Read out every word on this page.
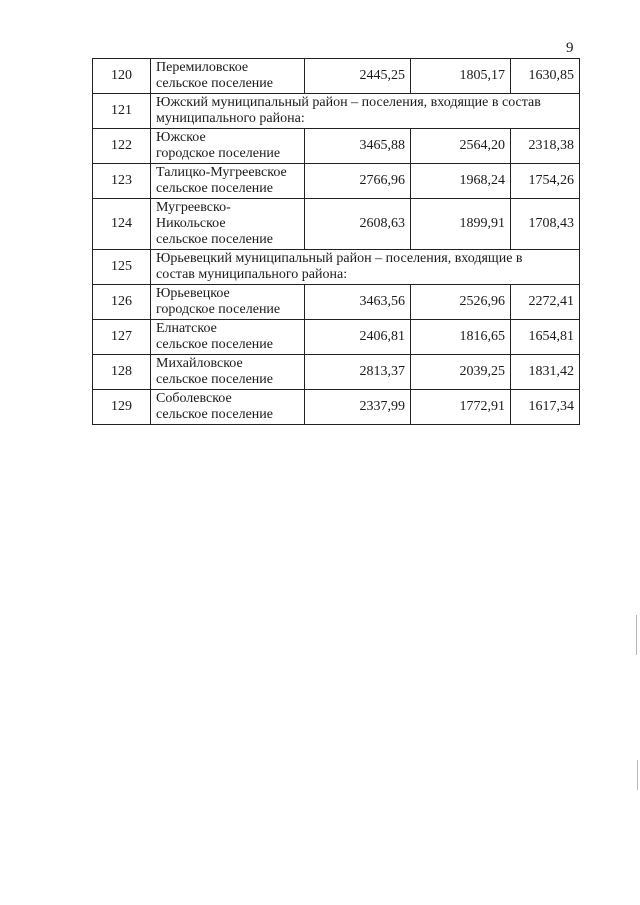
9
120	Перемиловское
сельское поселение	2445,25	1805,17	1630,85
121	Южский муниципальный район – поселения, входящие в состав
муниципального района:			

122	Южское
городское поселение	3465,88	2564,20	2318,38
123	Талицко-Мугреевское
сельское поселение	2766,96	1968,24	1754,26
124	Мугреевско-
Никольское
сельское поселение	2608,63	1899,91	1708,43
125	Юрьевецкий муниципальный район – поселения, входящие в
состав муниципального района:			

126	Юрьевецкое
городское поселение	3463,56	2526,96	2272,41
127	Елнатское
сельское поселение	2406,81	1816,65	1654,81
128	Михайловское
сельское поселение	2813,37	2039,25	1831,42
129	Соболевское
сельское поселение	2337,99	1772,91	1617,34
